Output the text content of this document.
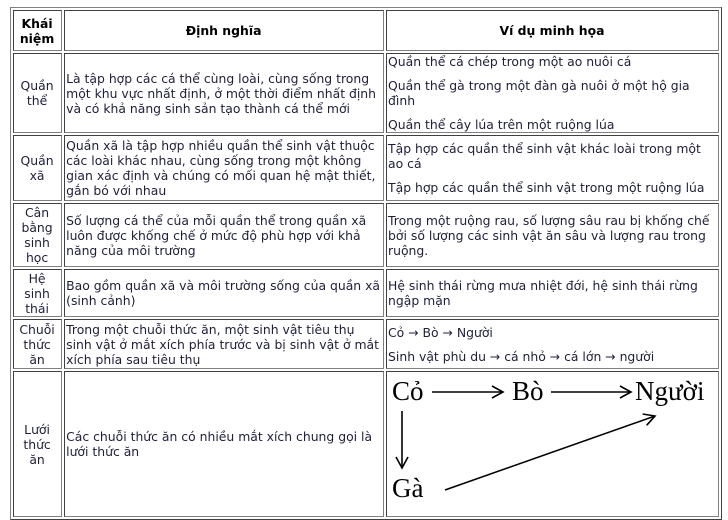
Khái niệm	Định nghĩa	Ví dụ minh họa
Quần thể	Là tập hợp các cá thể cùng loài, cùng sống trong một khu vực nhất định, ở một thời điểm nhất định và có khả năng sinh sản tạo thành cá thể mới	Quần thể cá chép trong một ao nuôi cá

Quần thể gà trong một đàn gà nuôi ở một hộ gia đình

Quần thể cây lúa trên một ruộng lúa

Quần xã	Quần xã là tập hợp nhiều quần thể sinh vật thuộc các loài khác nhau, cùng sống trong một không gian xác định và chúng có mối quan hệ mật thiết, gắn bó với nhau	Tập hợp các quần thể sinh vật khác loài trong một ao cá

Tập hợp các quần thể sinh vật trong một ruộng lúa

Cân bằng sinh học	Số lượng cá thể của mỗi quần thể trong quần xã luôn được khống chế ở mức độ phù hợp với khả năng của môi trường	Trong một ruộng rau, số lượng sâu rau bị khống chế bởi số lượng các sinh vật ăn sâu và lượng rau trong ruộng.

Hệ sinh thái	Bao gồm quần xã và môi trường sống của quần xã (sinh cảnh)	Hệ sinh thái rừng mưa nhiệt đới, hệ sinh thái rừng ngập mặn

Chuỗi thức ăn	Trong một chuỗi thức ăn, một sinh vật tiêu thụ sinh vật ở mắt xích phía trước và bị sinh vật ở mắt xích phía sau tiêu thụ	Cỏ → Bò → Người

Sinh vật phù du → cá nhỏ → cá lớn → người

Lưới thức ăn	Các chuỗi thức ăn có nhiều mắt xích chung gọi là lưới thức ăn	Cỏ Bò Người
Gà
